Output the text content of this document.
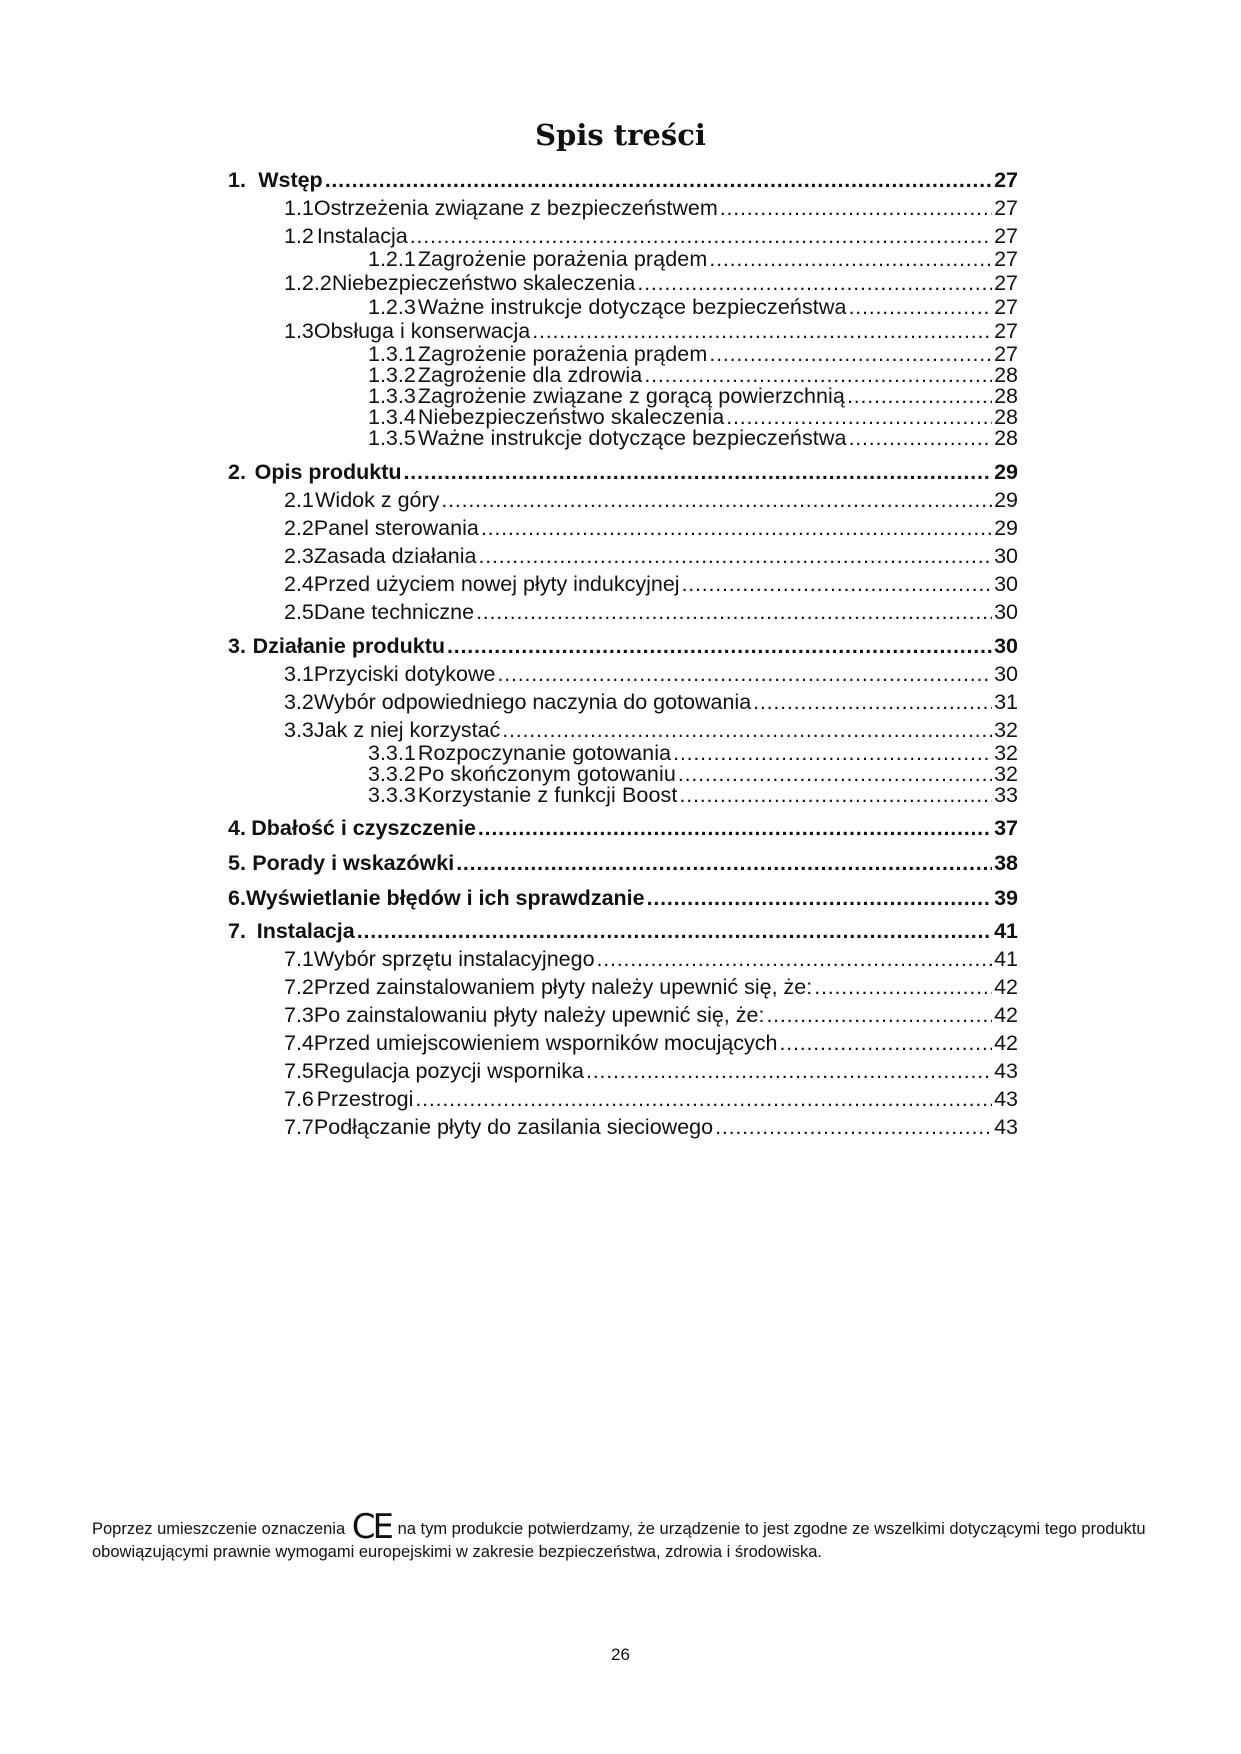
Spis treści
1. Wstęp . . .	27
1.1 Ostrzeżenia związane z bezpieczeństwem . . .	27
1.2 Instalacja . . .	27
1.2.1 Zagrożenie porażenia prądem . . .	27
1.2.2 Niebezpieczeństwo skaleczenia . . .	27
1.2.3 Ważne instrukcje dotyczące bezpieczeństwa . . .	27
1.3 Obsługa i konserwacja . . .	27
1.3.1 Zagrożenie porażenia prądem . . .	27
1.3.2 Zagrożenie dla zdrowia . . .	28
1.3.3 Zagrożenie związane z gorącą powierzchnią . . .	28
1.3.4 Niebezpieczeństwo skaleczenia . . .	28
1.3.5 Ważne instrukcje dotyczące bezpieczeństwa . . .	28
2. Opis produktu . . .	29
2.1 Widok z góry . . .	29
2.2 Panel sterowania . . .	29
2.3 Zasada działania . . .	30
2.4 Przed użyciem nowej płyty indukcyjnej . . .	30
2.5 Dane techniczne . . .	30
3. Działanie produktu . . .	30
3.1 Przyciski dotykowe . . .	30
3.2 Wybór odpowiedniego naczynia do gotowania . . .	31
3.3 Jak z niej korzystać . . .	32
3.3.1 Rozpoczynanie gotowania . . .	32
3.3.2 Po skończonym gotowaniu . . .	32
3.3.3 Korzystanie z funkcji Boost . . .	33
4. Dbałość i czyszczenie . . .	37
5. Porady i wskazówki . . .	38
6. Wyświetlanie błędów i ich sprawdzanie . . .	39
7. Instalacja . . .	41
7.1 Wybór sprzętu instalacyjnego . . .	41
7.2 Przed zainstalowaniem płyty należy upewnić się, że: . . .	42
7.3 Po zainstalowaniu płyty należy upewnić się, że: . . .	42
7.4 Przed umiejscowieniem wsporników mocujących . . .	42
7.5 Regulacja pozycji wspornika . . .	43
7.6 Przestrogi . . .	43
7.7 Podłączanie płyty do zasilania sieciowego . . .	43
Poprzez umieszczenie oznaczenia CE na tym produkcie potwierdzamy, że urządzenie to jest zgodne ze wszelkimi dotyczącymi tego produktu obowiązującymi prawnie wymogami europejskimi w zakresie bezpieczeństwa, zdrowia i środowiska.
26
